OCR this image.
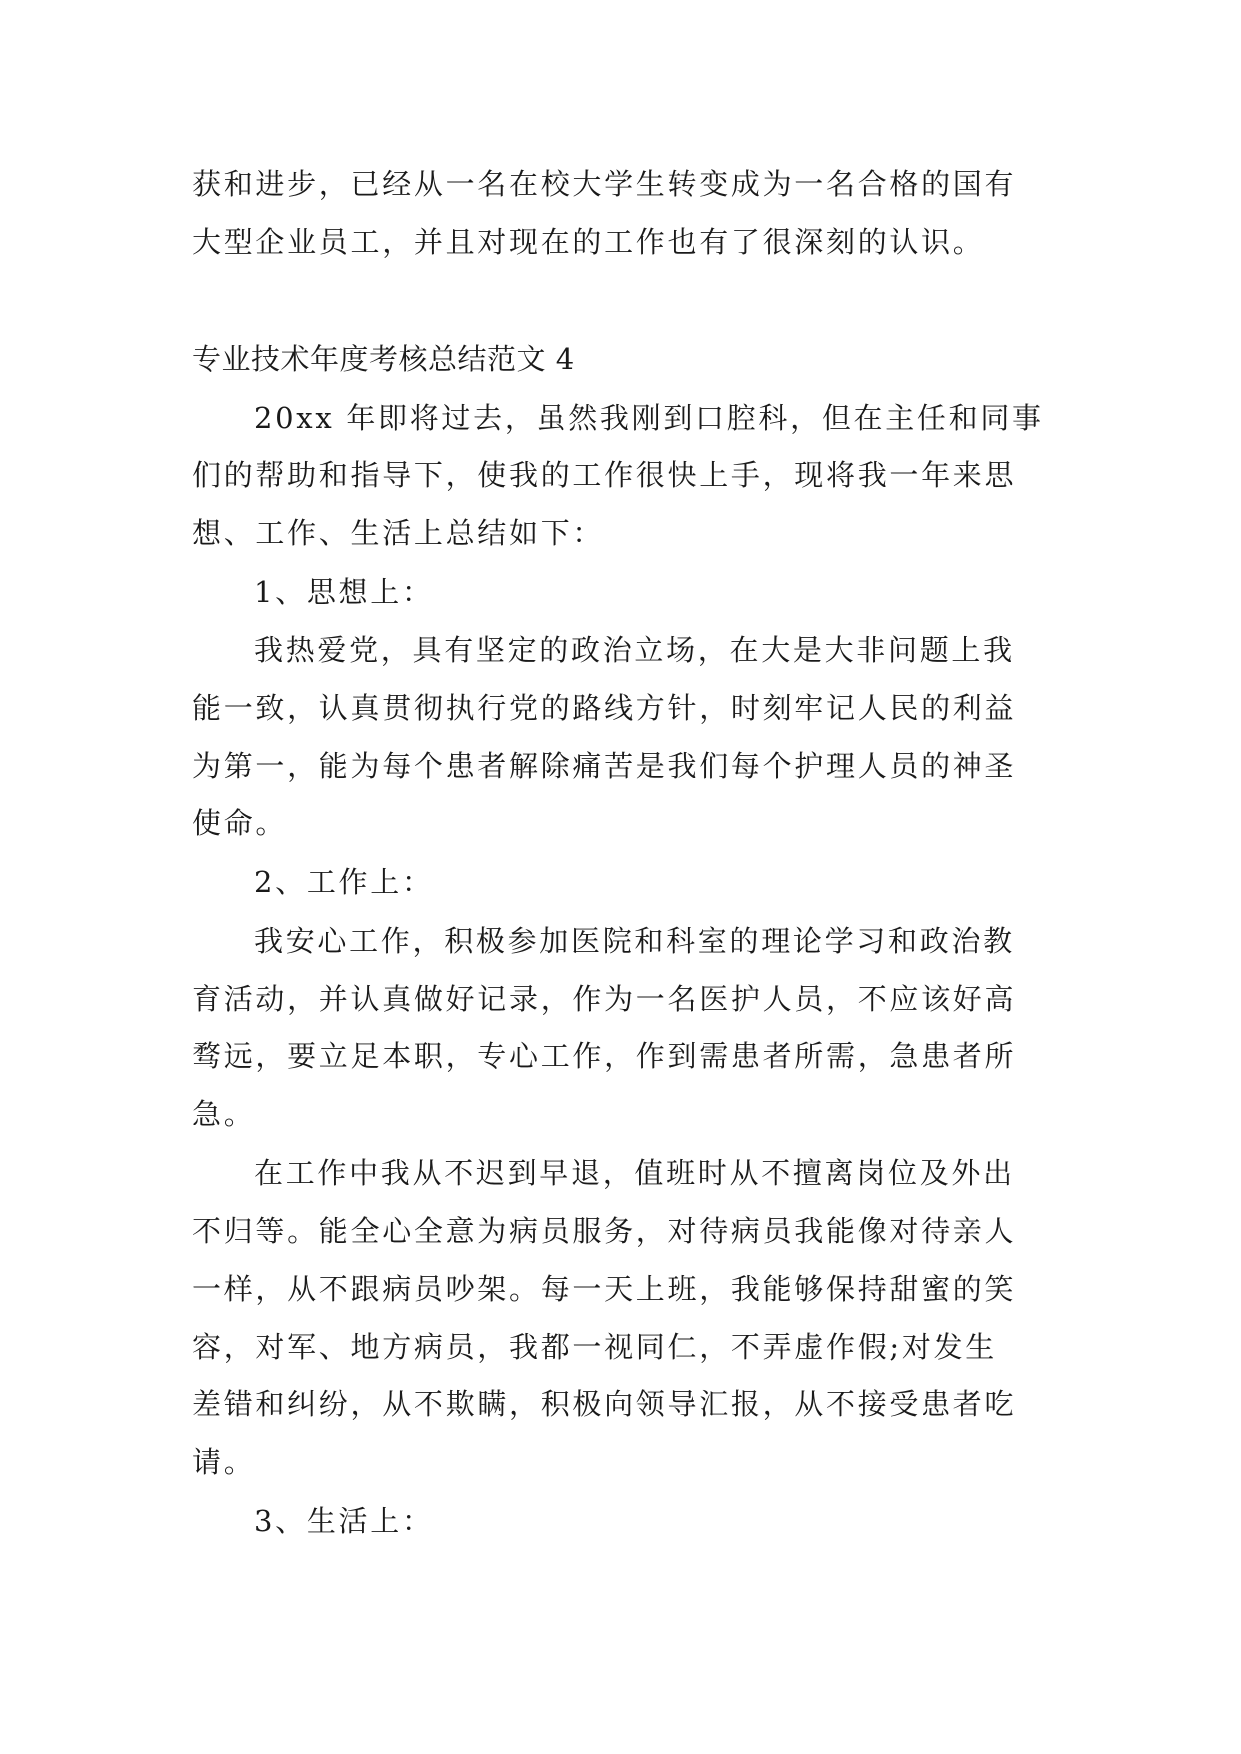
获和进步，已经从一名在校大学生转变成为一名合格的国有
大型企业员工，并且对现在的工作也有了很深刻的认识。
专业技术年度考核总结范文 4
20xx 年即将过去，虽然我刚到口腔科，但在主任和同事
们的帮助和指导下，使我的工作很快上手，现将我一年来思
想、工作、生活上总结如下：
1、思想上：
我热爱党，具有坚定的政治立场，在大是大非问题上我
能一致，认真贯彻执行党的路线方针，时刻牢记人民的利益
为第一，能为每个患者解除痛苦是我们每个护理人员的神圣
使命。
2、工作上：
我安心工作，积极参加医院和科室的理论学习和政治教
育活动，并认真做好记录，作为一名医护人员，不应该好高
骛远，要立足本职，专心工作，作到需患者所需，急患者所
急。
在工作中我从不迟到早退，值班时从不擅离岗位及外出
不归等。能全心全意为病员服务，对待病员我能像对待亲人
一样，从不跟病员吵架。每一天上班，我能够保持甜蜜的笑
容，对军、地方病员，我都一视同仁，不弄虚作假;对发生
差错和纠纷，从不欺瞒，积极向领导汇报，从不接受患者吃
请。
3、生活上：
